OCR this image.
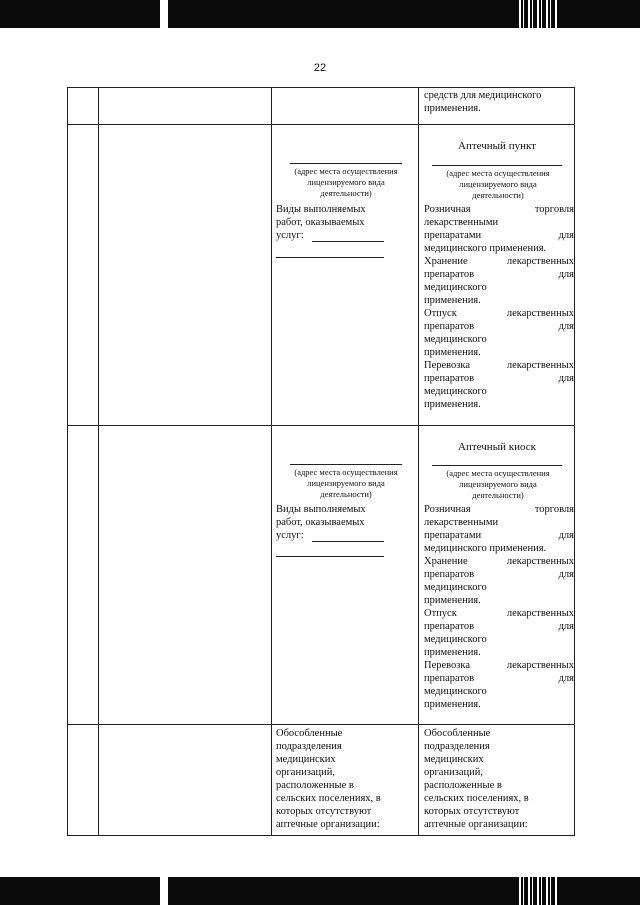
22
средств для медицинского
применения.
(адрес места осуществления
лицензируемого вида
деятельности)
Виды выполняемых
работ, оказываемых
услуг:
Аптечный пункт
(адрес места осуществления
лицензируемого вида
деятельности)
Розничная торговля
лекарственными
препаратами для
медицинского применения.
Хранение лекарственных
препаратов для
медицинского
применения.
Отпуск лекарственных
препаратов для
медицинского
применения.
Перевозка лекарственных
препаратов для
медицинского
применения.
(адрес места осуществления
лицензируемого вида
деятельности)
Виды выполняемых
работ, оказываемых
услуг:
Аптечный киоск
(адрес места осуществления
лицензируемого вида
деятельности)
Розничная торговля
лекарственными
препаратами для
медицинского применения.
Хранение лекарственных
препаратов для
медицинского
применения.
Отпуск лекарственных
препаратов для
медицинского
применения.
Перевозка лекарственных
препаратов для
медицинского
применения.
Обособленные
подразделения
медицинских
организаций,
расположенные в
сельских поселениях, в
которых отсутствуют
аптечные организации:
Обособленные
подразделения
медицинских
организаций,
расположенные в
сельских поселениях, в
которых отсутствуют
аптечные организации:
